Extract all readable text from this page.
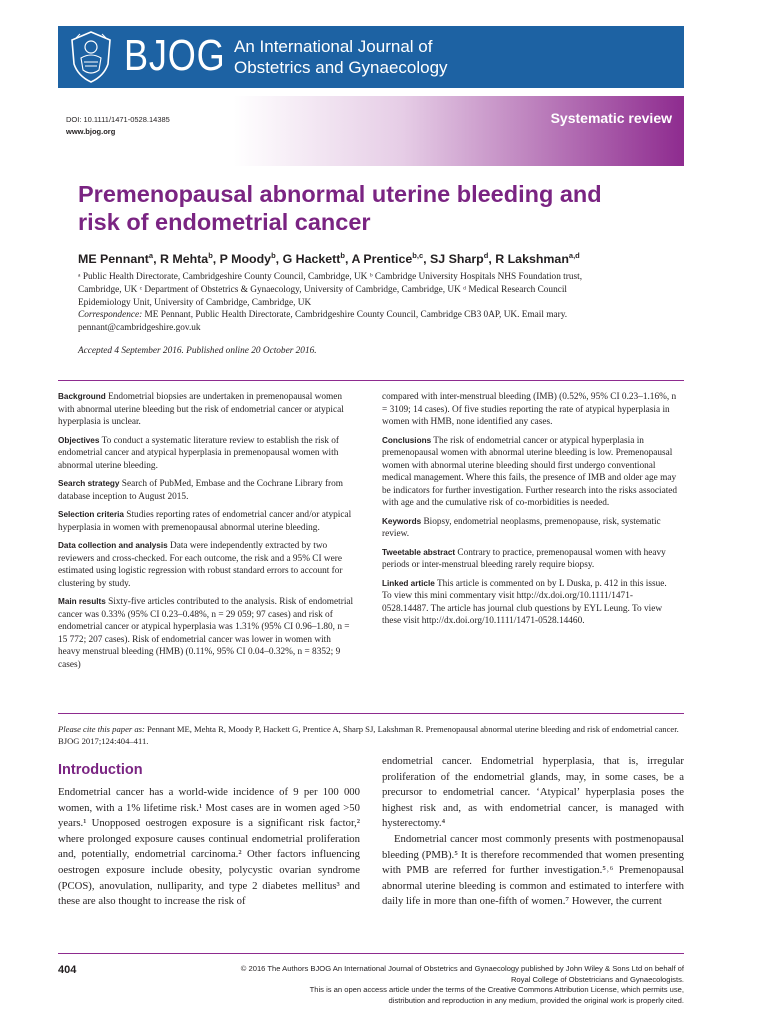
BJOG An International Journal of
Obstetrics and Gynaecology
DOI: 10.1111/1471-0528.14385
www.bjog.org
Systematic review
Premenopausal abnormal uterine bleeding and
risk of endometrial cancer
ME Pennant$^a$, R Mehta$^b$, P Moody$^b$, G Hackett$^b$, A Prentice$^{b,c}$, SJ Sharp$^d$, R Lakshman$^{a,d}$
ᵃ Public Health Directorate, Cambridgeshire County Council, Cambridge, UK ᵇ Cambridge University Hospitals NHS Foundation trust,
Cambridge, UK ᶜ Department of Obstetrics & Gynaecology, University of Cambridge, Cambridge, UK ᵈ Medical Research Council
Epidemiology Unit, University of Cambridge, Cambridge, UK
Correspondence: ME Pennant, Public Health Directorate, Cambridgeshire County Council, Cambridge CB3 0AP, UK. Email mary.
pennant@cambridgeshire.gov.uk
Accepted 4 September 2016. Published online 20 October 2016.

Background Endometrial biopsies are undertaken in premenopausal women with abnormal uterine bleeding but the risk of endometrial cancer or atypical hyperplasia is unclear.

Objectives To conduct a systematic literature review to establish the risk of endometrial cancer and atypical hyperplasia in premenopausal women with abnormal uterine bleeding.

Search strategy Search of PubMed, Embase and the Cochrane Library from database inception to August 2015.

Selection criteria Studies reporting rates of endometrial cancer and/or atypical hyperplasia in women with premenopausal abnormal uterine bleeding.

Data collection and analysis Data were independently extracted by two reviewers and cross-checked. For each outcome, the risk and a 95% CI were estimated using logistic regression with robust standard errors to account for clustering by study.

Main results Sixty-five articles contributed to the analysis. Risk of endometrial cancer was 0.33% (95% CI 0.23–0.48%, n = 29 059; 97 cases) and risk of endometrial cancer or atypical hyperplasia was 1.31% (95% CI 0.96–1.80, n = 15 772; 207 cases). Risk of endometrial cancer was lower in women with heavy menstrual bleeding (HMB) (0.11%, 95% CI 0.04–0.32%, n = 8352; 9 cases)

compared with inter-menstrual bleeding (IMB) (0.52%, 95% CI 0.23–1.16%, n = 3109; 14 cases). Of five studies reporting the rate of atypical hyperplasia in women with HMB, none identified any cases.

Conclusions The risk of endometrial cancer or atypical hyperplasia in premenopausal women with abnormal uterine bleeding is low. Premenopausal women with abnormal uterine bleeding should first undergo conventional medical management. Where this fails, the presence of IMB and older age may be indicators for further investigation. Further research into the risks associated with age and the cumulative risk of co-morbidities is needed.

Keywords Biopsy, endometrial neoplasms, premenopause, risk, systematic review.

Tweetable abstract Contrary to practice, premenopausal women with heavy periods or inter-menstrual bleeding rarely require biopsy.

Linked article This article is commented on by L Duska, p. 412 in this issue. To view this mini commentary visit http://dx.doi.org/10.1111/1471-0528.14487. The article has journal club questions by EYL Leung. To view these visit http://dx.doi.org/10.1111/1471-0528.14460.

Please cite this paper as: Pennant ME, Mehta R, Moody P, Hackett G, Prentice A, Sharp SJ, Lakshman R. Premenopausal abnormal uterine bleeding and risk of endometrial cancer. BJOG 2017;124:404–411.
Introduction

Endometrial cancer has a world-wide incidence of 9 per 100 000 women, with a 1% lifetime risk.¹ Most cases are in women aged >50 years.¹ Unopposed oestrogen exposure is a significant risk factor,² where prolonged exposure causes continual endometrial proliferation and, potentially, endometrial carcinoma.² Other factors influencing oestrogen exposure include obesity, polycystic ovarian syndrome (PCOS), anovulation, nulliparity, and type 2 diabetes mellitus³ and these are also thought to increase the risk of

endometrial cancer. Endometrial hyperplasia, that is, irregular proliferation of the endometrial glands, may, in some cases, be a precursor to endometrial cancer. ‘Atypical’ hyperplasia poses the highest risk and, as with endometrial cancer, is managed with hysterectomy.⁴

Endometrial cancer most commonly presents with postmenopausal bleeding (PMB).⁵ It is therefore recommended that women presenting with PMB are referred for further investigation.⁵˒⁶ Premenopausal abnormal uterine bleeding is common and estimated to interfere with daily life in more than one-fifth of women.⁷ However, the current

404	© 2016 The Authors BJOG An International Journal of Obstetrics and Gynaecology published by John Wiley & Sons Ltd on behalf of
Royal College of Obstetricians and Gynaecologists.
This is an open access article under the terms of the Creative Commons Attribution License, which permits use,
distribution and reproduction in any medium, provided the original work is properly cited.
